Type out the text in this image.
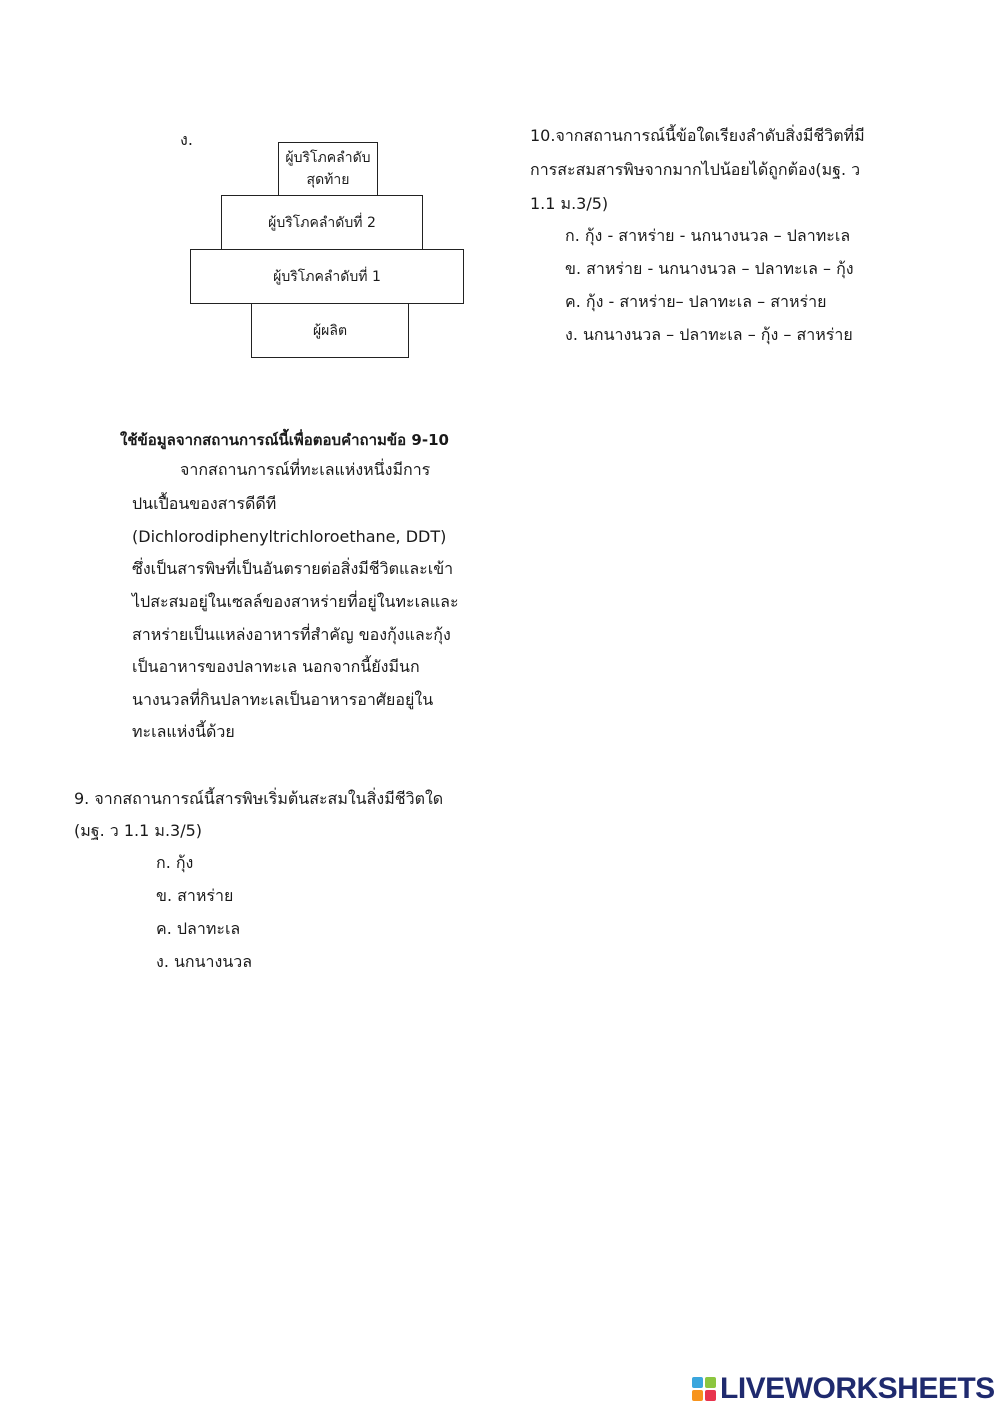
ง.
ผู้บริโภคลำดับ
สุดท้าย
ผู้บริโภคลำดับที่ 2
ผู้บริโภคลำดับที่ 1
ผู้ผลิต
10.จากสถานการณ์นี้ข้อใดเรียงลำดับสิ่งมีชีวิตที่มี
การสะสมสารพิษจากมากไปน้อยได้ถูกต้อง(มฐ. ว
1.1 ม.3/5)
ก. กุ้ง - สาหร่าย - นกนางนวล – ปลาทะเล
ข. สาหร่าย - นกนางนวล – ปลาทะเล – กุ้ง
ค. กุ้ง - สาหร่าย– ปลาทะเล – สาหร่าย
ง. นกนางนวล – ปลาทะเล – กุ้ง – สาหร่าย
ใช้ข้อมูลจากสถานการณ์นี้เพื่อตอบคำถามข้อ 9-10
จากสถานการณ์ที่ทะเลแห่งหนึ่งมีการ
ปนเปื้อนของสารดีดีที
(Dichlorodiphenyltrichloroethane, DDT)
ซึ่งเป็นสารพิษที่เป็นอันตรายต่อสิ่งมีชีวิตและเข้า
ไปสะสมอยู่ในเซลล์ของสาหร่ายที่อยู่ในทะเลและ
สาหร่ายเป็นแหล่งอาหารที่สำคัญ ของกุ้งและกุ้ง
เป็นอาหารของปลาทะเล นอกจากนี้ยังมีนก
นางนวลที่กินปลาทะเลเป็นอาหารอาศัยอยู่ใน
ทะเลแห่งนี้ด้วย
9. จากสถานการณ์นี้สารพิษเริ่มต้นสะสมในสิ่งมีชีวิตใด
(มฐ. ว 1.1 ม.3/5)
ก. กุ้ง
ข. สาหร่าย
ค. ปลาทะเล
ง. นกนางนวล
LIVEWORKSHEETS
